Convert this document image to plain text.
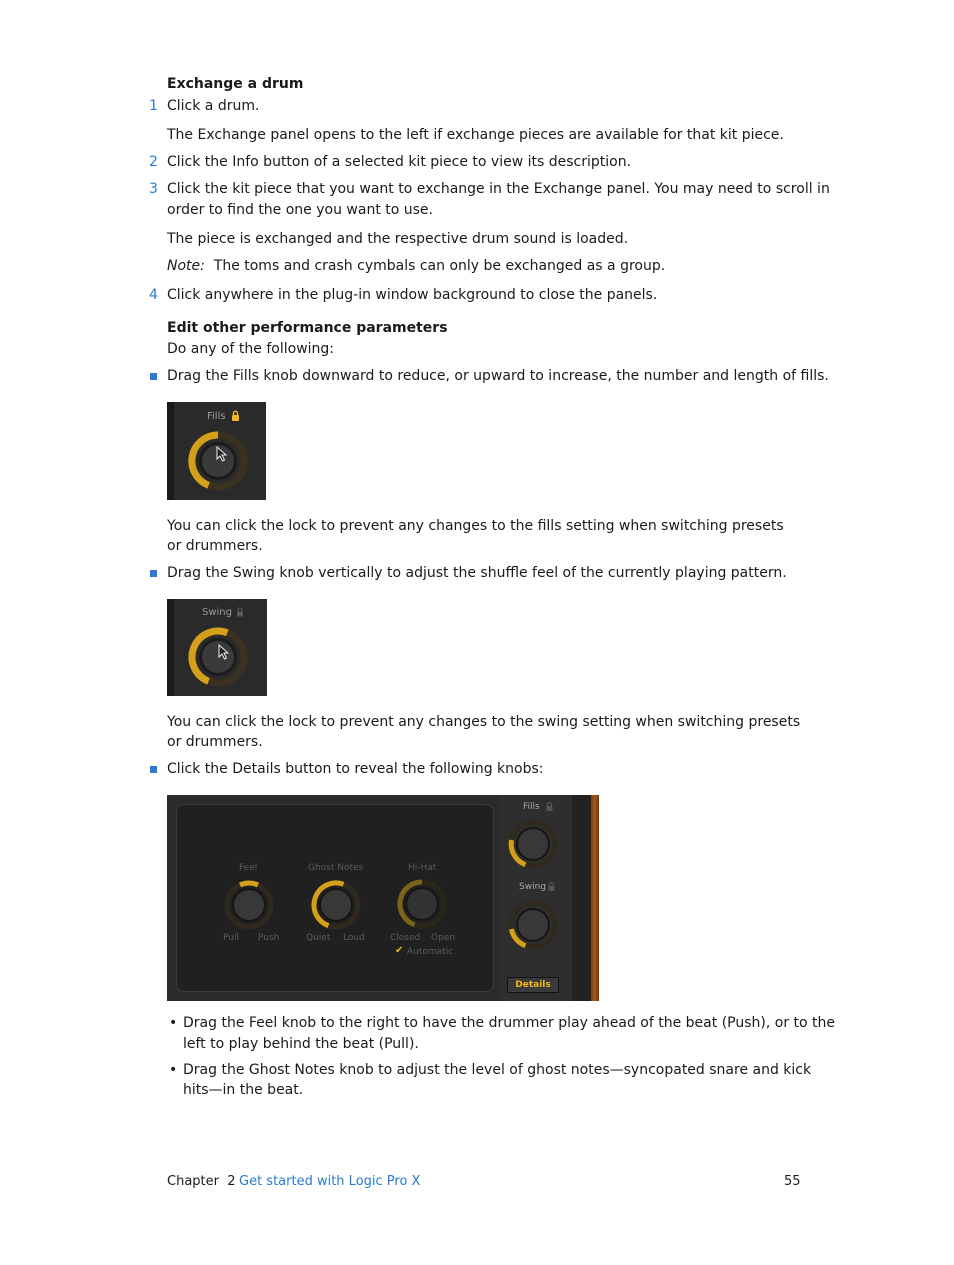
Exchange a drum
1 Click a drum.
The Exchange panel opens to the left if exchange pieces are available for that kit piece.
2 Click the Info button of a selected kit piece to view its description.
3 Click the kit piece that you want to exchange in the Exchange panel. You may need to scroll in
order to find the one you want to use.
The piece is exchanged and the respective drum sound is loaded.
Note: The toms and crash cymbals can only be exchanged as a group.
4 Click anywhere in the plug-in window background to close the panels.
Edit other performance parameters
Do any of the following:
Drag the Fills knob downward to reduce, or upward to increase, the number and length of fills.
Fills
You can click the lock to prevent any changes to the fills setting when switching presets
or drummers.
Drag the Swing knob vertically to adjust the shuffle feel of the currently playing pattern.
Swing
You can click the lock to prevent any changes to the swing setting when switching presets
or drummers.
Click the Details button to reveal the following knobs:
Feel
Pull Push
Ghost Notes
Quiet Loud
Hi-Hat
Closed Open
✔ Automatic
Fills
Swing
Details
• Drag the Feel knob to the right to have the drummer play ahead of the beat (Push), or to the
left to play behind the beat (Pull).
• Drag the Ghost Notes knob to adjust the level of ghost notes—syncopated snare and kick
hits—in the beat.
Chapter  2 Get started with Logic Pro X	55
